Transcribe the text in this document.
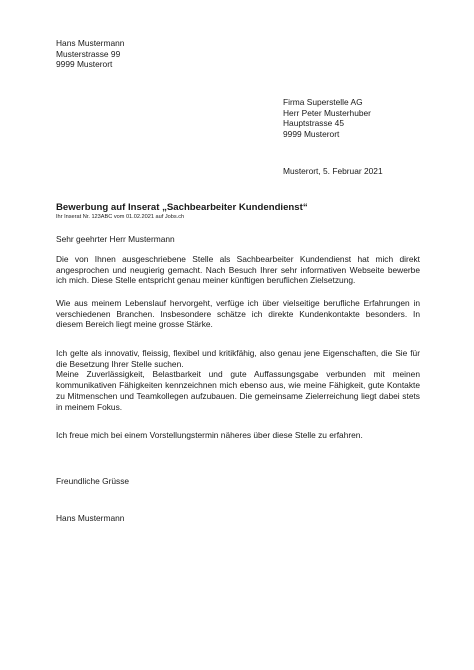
Hans Mustermann
Musterstrasse 99
9999 Musterort
Firma Superstelle AG
Herr Peter Musterhuber
Hauptstrasse 45
9999 Musterort
Musterort, 5. Februar 2021
Bewerbung auf Inserat „Sachbearbeiter Kundendienst“
Ihr Inserat Nr. 123ABC vom 01.02.2021 auf Jobs.ch
Sehr geehrter Herr Mustermann
Die von Ihnen ausgeschriebene Stelle als Sachbearbeiter Kundendienst hat mich direkt angesprochen und neugierig gemacht. Nach Besuch Ihrer sehr informativen Webseite bewerbe ich mich. Diese Stelle entspricht genau meiner künftigen beruflichen Zielsetzung.
Wie aus meinem Lebenslauf hervorgeht, verfüge ich über vielseitige berufliche Erfahrungen in verschiedenen Branchen. Insbesondere schätze ich direkte Kundenkontakte besonders. In diesem Bereich liegt meine grosse Stärke.
Ich gelte als innovativ, fleissig, flexibel und kritikfähig, also genau jene Eigenschaften, die Sie für die Besetzung Ihrer Stelle suchen.
Meine Zuverlässigkeit, Belastbarkeit und gute Auffassungsgabe verbunden mit meinen kommunikativen Fähigkeiten kennzeichnen mich ebenso aus, wie meine Fähigkeit, gute Kontakte zu Mitmenschen und Teamkollegen aufzubauen. Die gemeinsame Zielerreichung liegt dabei stets in meinem Fokus.
Ich freue mich bei einem Vorstellungstermin näheres über diese Stelle zu erfahren.
Freundliche Grüsse
Hans Mustermann
